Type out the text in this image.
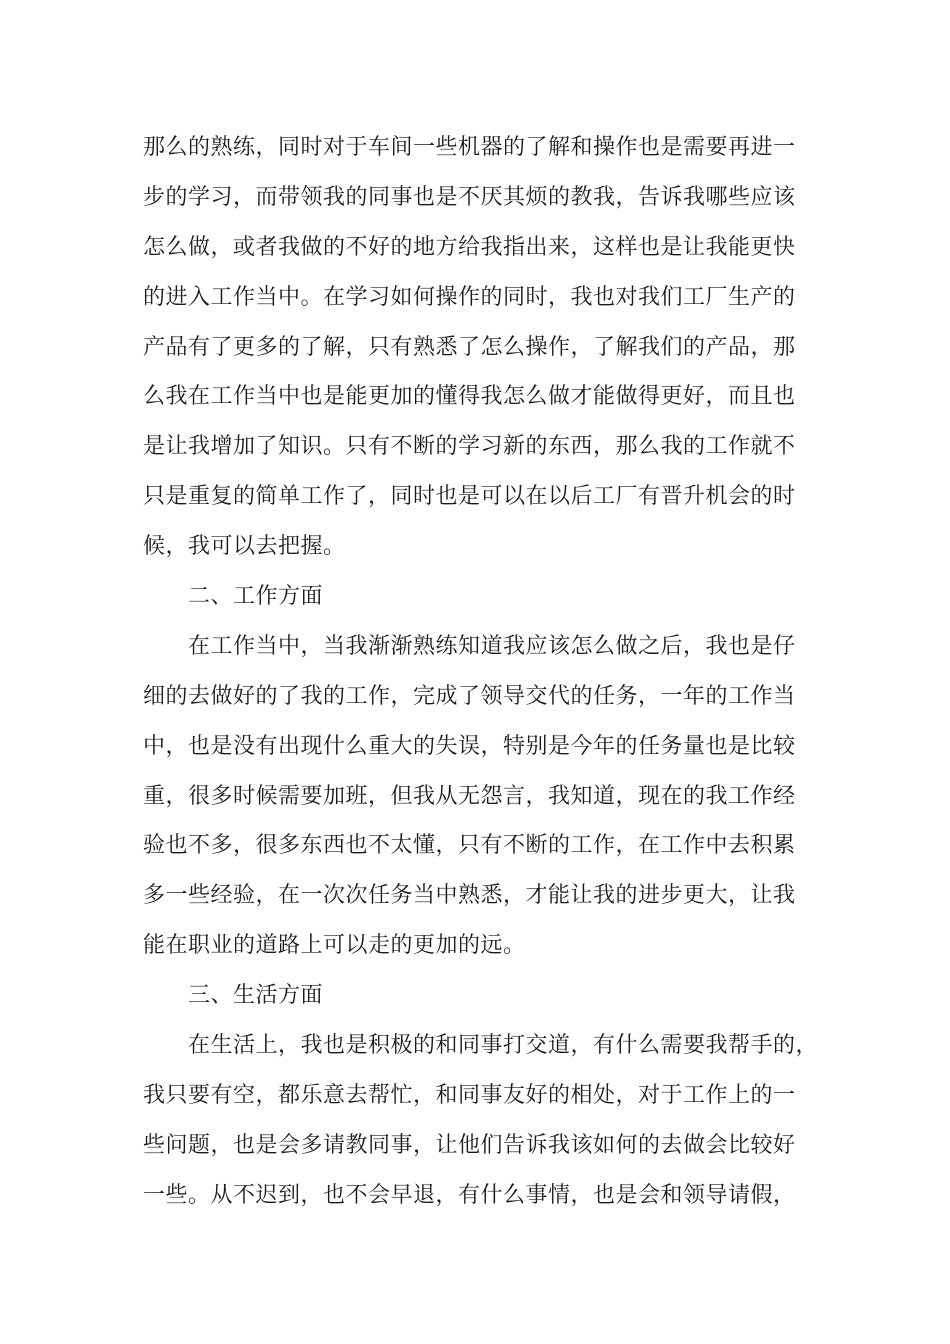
那么的熟练，同时对于车间一些机器的了解和操作也是需要再进一
步的学习，而带领我的同事也是不厌其烦的教我，告诉我哪些应该
怎么做，或者我做的不好的地方给我指出来，这样也是让我能更快
的进入工作当中。在学习如何操作的同时，我也对我们工厂生产的
产品有了更多的了解，只有熟悉了怎么操作，了解我们的产品，那
么我在工作当中也是能更加的懂得我怎么做才能做得更好，而且也
是让我增加了知识。只有不断的学习新的东西，那么我的工作就不
只是重复的简单工作了，同时也是可以在以后工厂有晋升机会的时
候，我可以去把握。
二、工作方面
在工作当中，当我渐渐熟练知道我应该怎么做之后，我也是仔
细的去做好的了我的工作，完成了领导交代的任务，一年的工作当
中，也是没有出现什么重大的失误，特别是今年的任务量也是比较
重，很多时候需要加班，但我从无怨言，我知道，现在的我工作经
验也不多，很多东西也不太懂，只有不断的工作，在工作中去积累
多一些经验，在一次次任务当中熟悉，才能让我的进步更大，让我
能在职业的道路上可以走的更加的远。
三、生活方面
在生活上，我也是积极的和同事打交道，有什么需要我帮手的，
我只要有空，都乐意去帮忙，和同事友好的相处，对于工作上的一
些问题，也是会多请教同事，让他们告诉我该如何的去做会比较好
一些。从不迟到，也不会早退，有什么事情，也是会和领导请假，
